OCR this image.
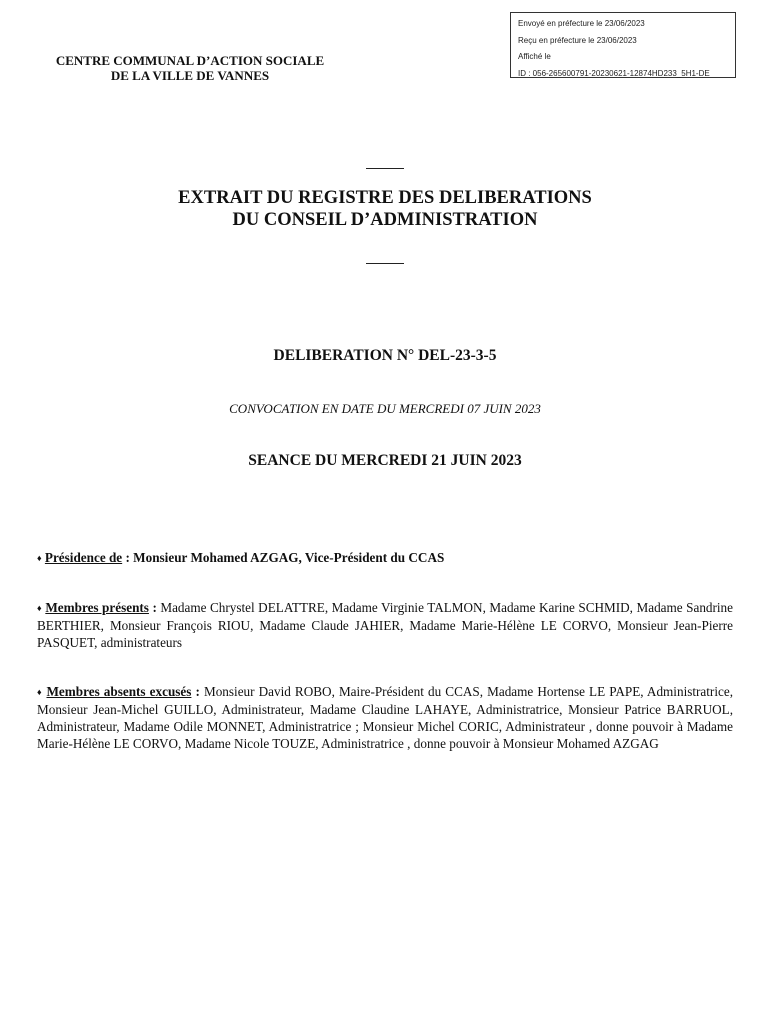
Envoyé en préfecture le 23/06/2023
Reçu en préfecture le 23/06/2023
Affiché le
ID : 056-265600791-20230621-12874HD233_5H1-DE
CENTRE COMMUNAL D’ACTION SOCIALE
DE LA VILLE DE VANNES
EXTRAIT DU REGISTRE DES DELIBERATIONS
DU CONSEIL D’ADMINISTRATION
DELIBERATION N° DEL-23-3-5
CONVOCATION EN DATE DU MERCREDI 07 JUIN 2023
SEANCE DU MERCREDI 21 JUIN 2023
♦ Présidence de : Monsieur Mohamed AZGAG, Vice-Président du CCAS
♦ Membres présents : Madame Chrystel DELATTRE, Madame Virginie TALMON, Madame Karine SCHMID, Madame Sandrine BERTHIER, Monsieur François RIOU, Madame Claude JAHIER, Madame Marie-Hélène LE CORVO, Monsieur Jean-Pierre PASQUET, administrateurs
♦ Membres absents excusés : Monsieur David ROBO, Maire-Président du CCAS, Madame Hortense LE PAPE, Administratrice, Monsieur Jean-Michel GUILLO, Administrateur, Madame Claudine LAHAYE, Administratrice, Monsieur Patrice BARRUOL, Administrateur, Madame Odile MONNET, Administratrice ; Monsieur Michel CORIC, Administrateur , donne pouvoir à Madame Marie-Hélène LE CORVO, Madame Nicole TOUZE, Administratrice , donne pouvoir à Monsieur Mohamed AZGAG
